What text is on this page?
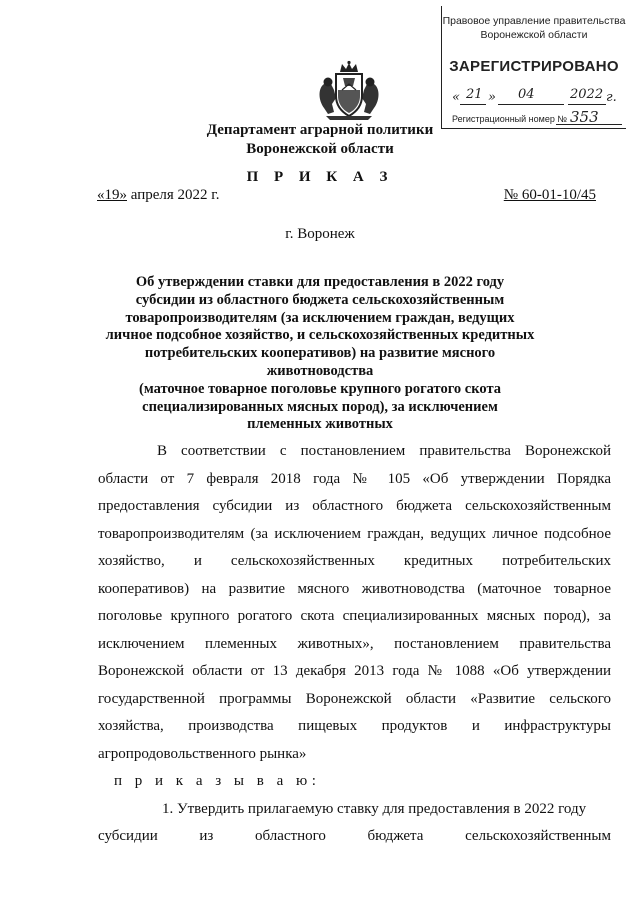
Правовое управление правительства
Воронежской области
ЗАРЕГИСТРИРОВАНО
« 21 » 04	2022 г.
Регистрационный номер № 353
Департамент аграрной политики
Воронежской области
П Р И К А З
«19» апреля 2022 г.	№ 60-01-10/45
г. Воронеж
Об утверждении ставки для предоставления в 2022 году
субсидии из областного бюджета сельскохозяйственным
товаропроизводителям (за исключением граждан, ведущих
личное подсобное хозяйство, и сельскохозяйственных кредитных
потребительских кооперативов) на развитие мясного животноводства
(маточное товарное поголовье крупного рогатого скота
специализированных мясных пород), за исключением
племенных животных
В соответствии с постановлением правительства Воронежской
области от 7 февраля 2018 года № 105 «Об утверждении Порядка
предоставления субсидии из областного бюджета сельскохозяйственным
товаропроизводителям (за исключением граждан, ведущих личное подсобное
хозяйство, и сельскохозяйственных кредитных потребительских
кооперативов) на развитие мясного животноводства (маточное товарное
поголовье крупного рогатого скота специализированных мясных пород), за
исключением племенных животных», постановлением правительства
Воронежской области от 13 декабря 2013 года № 1088 «Об утверждении
государственной программы Воронежской области «Развитие сельского
хозяйства, производства пищевых продуктов и инфраструктуры
агропродовольственного рынка»
п р и к а з ы в а ю:
1. Утвердить прилагаемую ставку для предоставления в 2022 году
субсидии из областного бюджета сельскохозяйственным
